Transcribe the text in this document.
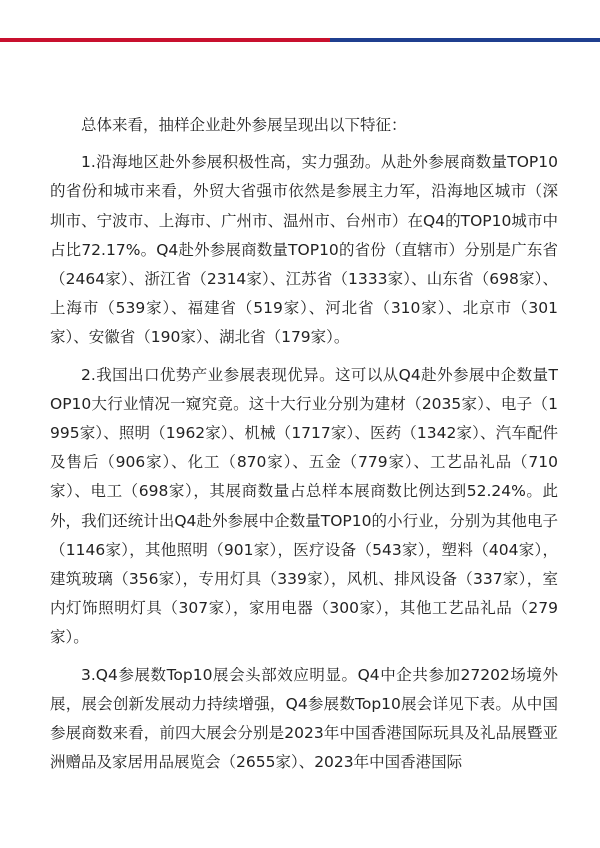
总体来看，抽样企业赴外参展呈现出以下特征：

1.沿海地区赴外参展积极性高，实力强劲。从赴外参展商数量TOP10的省份和城市来看，外贸大省强市依然是参展主力军，沿海地区城市（深圳市、宁波市、上海市、广州市、温州市、台州市）在Q4的TOP10城市中占比72.17%。Q4赴外参展商数量TOP10的省份（直辖市）分别是广东省（2464家）、浙江省（2314家）、江苏省（1333家）、山东省（698家）、上海市（539家）、福建省（519家）、河北省（310家）、北京市（301家）、安徽省（190家）、湖北省（179家）。

2.我国出口优势产业参展表现优异。这可以从Q4赴外参展中企数量TOP10大行业情况一窥究竟。这十大行业分别为建材（2035家）、电子（1995家）、照明（1962家）、机械（1717家）、医药（1342家）、汽车配件及售后（906家）、化工（870家）、五金（779家）、工艺品礼品（710家）、电工（698家），其展商数量占总样本展商数比例达到52.24%。此外，我们还统计出Q4赴外参展中企数量TOP10的小行业，分别为其他电子（1146家），其他照明（901家），医疗设备（543家），塑料（404家），建筑玻璃（356家），专用灯具（339家），风机、排风设备（337家），室内灯饰照明灯具（307家），家用电器（300家），其他工艺品礼品（279家）。

3.Q4参展数Top10展会头部效应明显。Q4中企共参加27202场境外展，展会创新发展动力持续增强，Q4参展数Top10展会详见下表。从中国参展商数来看，前四大展会分别是2023年中国香港国际玩具及礼品展暨亚洲赠品及家居用品展览会（2655家）、2023年中国香港国际
